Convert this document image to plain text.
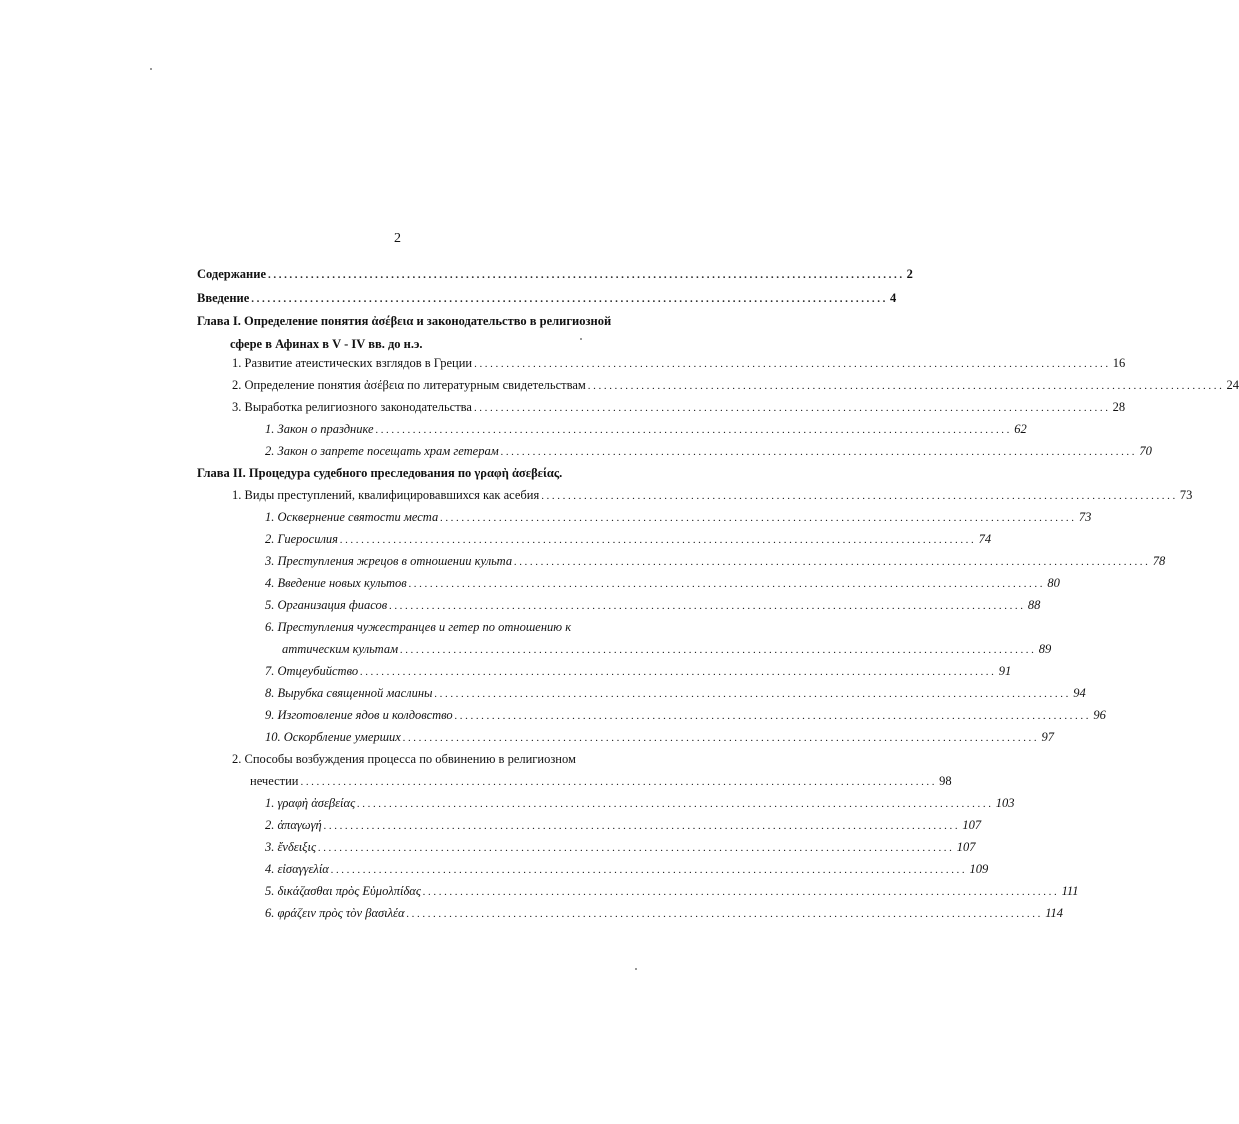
2
Содержание ....................................................................................................................... 2
Введение ....................................................................................................................... 4
Глава I. Определение понятия ἀσέβεια и законодательство в религиозной
сфере в Афинах в V - IV вв. до н.э.
1. Развитие атеистических взглядов в Греции ....................................................................................................................... 16
2. Определение понятия ἀσέβεια по литературным свидетельствам ....................................................................................................................... 24
3. Выработка религиозного законодательства ....................................................................................................................... 28
1. Закон о празднике ....................................................................................................................... 62
2. Закон о запрете посещать храм гетерам ....................................................................................................................... 70
Глава II. Процедура судебного преследования по γραφὴ ἀσεβείας.
1. Виды преступлений, квалифицировавшихся как асебия ....................................................................................................................... 73
1. Осквернение святости места ....................................................................................................................... 73
2. Гиеросилия ....................................................................................................................... 74
3. Преступления жрецов в отношении культа ....................................................................................................................... 78
4. Введение новых культов ....................................................................................................................... 80
5. Организация фиасов ....................................................................................................................... 88
6. Преступления чужестранцев и гетер по отношению к
аттическим культам ....................................................................................................................... 89
7. Отцеубийство ....................................................................................................................... 91
8. Вырубка священной маслины ....................................................................................................................... 94
9. Изготовление ядов и колдовство ....................................................................................................................... 96
10. Оскорбление умерших ....................................................................................................................... 97
2. Способы возбуждения процесса по обвинению в религиозном
нечестии ....................................................................................................................... 98
1. γραφὴ ἀσεβείας ....................................................................................................................... 103
2. ἀπαγωγή ....................................................................................................................... 107
3. ἔνδειξις ....................................................................................................................... 107
4. εἰσαγγελία ....................................................................................................................... 109
5. δικάζασθαι πρὸς Εὐμολπίδας ....................................................................................................................... 111
6. φράζειν πρὸς τὸν βασιλέα ....................................................................................................................... 114
